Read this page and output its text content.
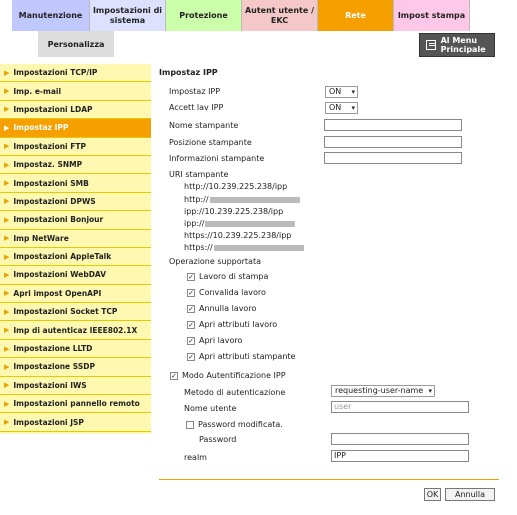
Manutenzione
Impostazioni di sistema
Protezione
Autent utente / EKC
Rete	Impost stampa
Personalizza	Al Menu Principale
▶ Impostazioni TCP/IP
▶ Imp. e-mail
▶ Impostazioni LDAP
▶ Impostaz IPP
▶ Impostazioni FTP
▶ Impostaz. SNMP
▶ Impostazioni SMB
▶ Impostazioni DPWS
▶ Impostazioni Bonjour
▶ Imp NetWare
▶ Impostazioni AppleTalk
▶ Impostazioni WebDAV
▶ Apri impost OpenAPI
▶ Impostazioni Socket TCP
▶ Imp di autenticaz IEEE802.1X
▶ Impostazione LLTD
▶ Impostazione SSDP
▶ Impostazioni IWS
▶ Impostazioni pannello remoto
▶ Impostazioni JSP
Impostaz IPP
Impostaz IPP	ON ▾
Accett lav IPP	ON ▾
Nome stampante
Posizione stampante
Informazioni stampante
URI stampante
http://10.239.225.238/ipp
http://
ipp://10.239.225.238/ipp
ipp://
https://10.239.225.238/ipp
https://
Operazione supportata
✓ Lavoro di stampa
✓ Convalida lavoro
✓ Annulla lavoro
✓ Apri attributi lavoro
✓ Apri lavoro
✓ Apri attributi stampante
✓ Modo Autentificazione IPP
Metodo di autenticazione	requesting-user-name ▾
Nome utente	user
Password modificata.
Password
realm	IPP
OK	Annulla
